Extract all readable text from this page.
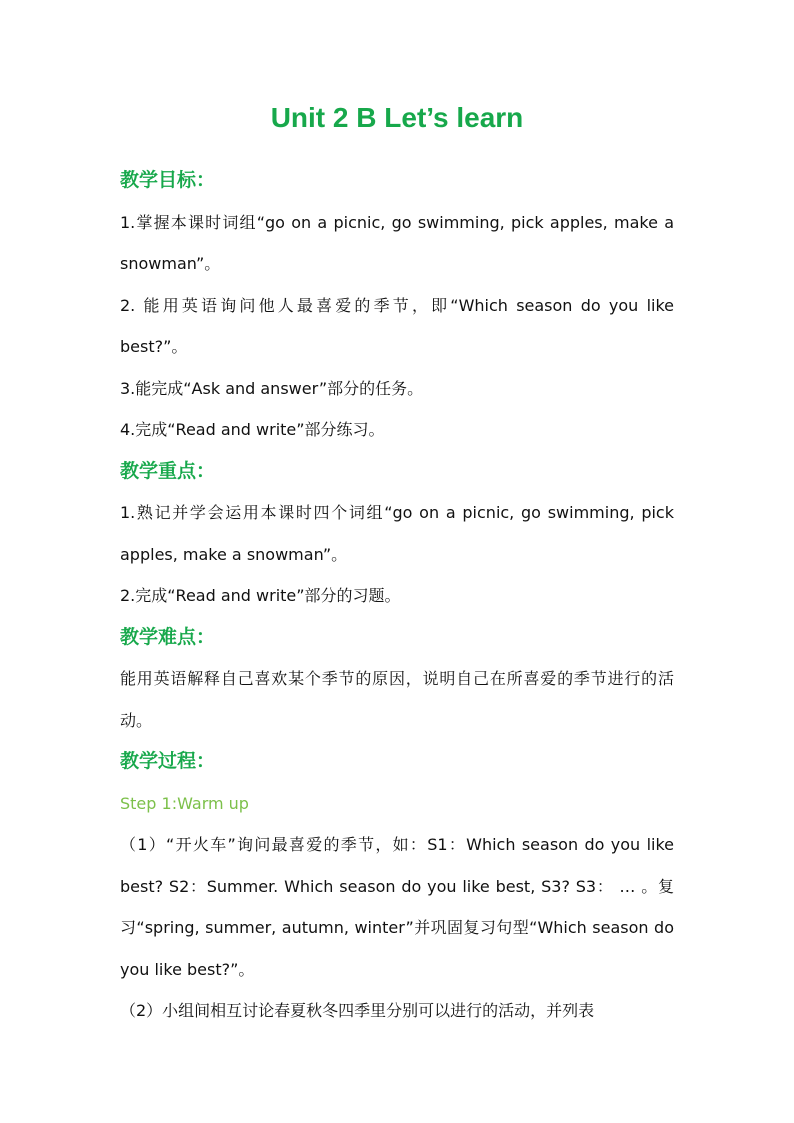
Unit 2 B Let’s learn
教学目标：
1.掌握本课时词组“go on a picnic, go swimming, pick apples, make a snowman”。
2. 能用英语询问他人最喜爱的季节，即“Which season do you like best?”。
3.能完成“Ask and answer”部分的任务。
4.完成“Read and write”部分练习。
教学重点：
1.熟记并学会运用本课时四个词组“go on a picnic, go swimming, pick apples, make a snowman”。
2.完成“Read and write”部分的习题。
教学难点：
能用英语解释自己喜欢某个季节的原因，说明自己在所喜爱的季节进行的活动。
教学过程：
Step 1:Warm up
（1）“开火车”询问最喜爱的季节，如：S1：Which season do you like best? S2：Summer. Which season do you like best, S3? S3： … 。复习“spring, summer, autumn, winter”并巩固复习句型“Which season do you like best?”。
（2）小组间相互讨论春夏秋冬四季里分别可以进行的活动，并列表
